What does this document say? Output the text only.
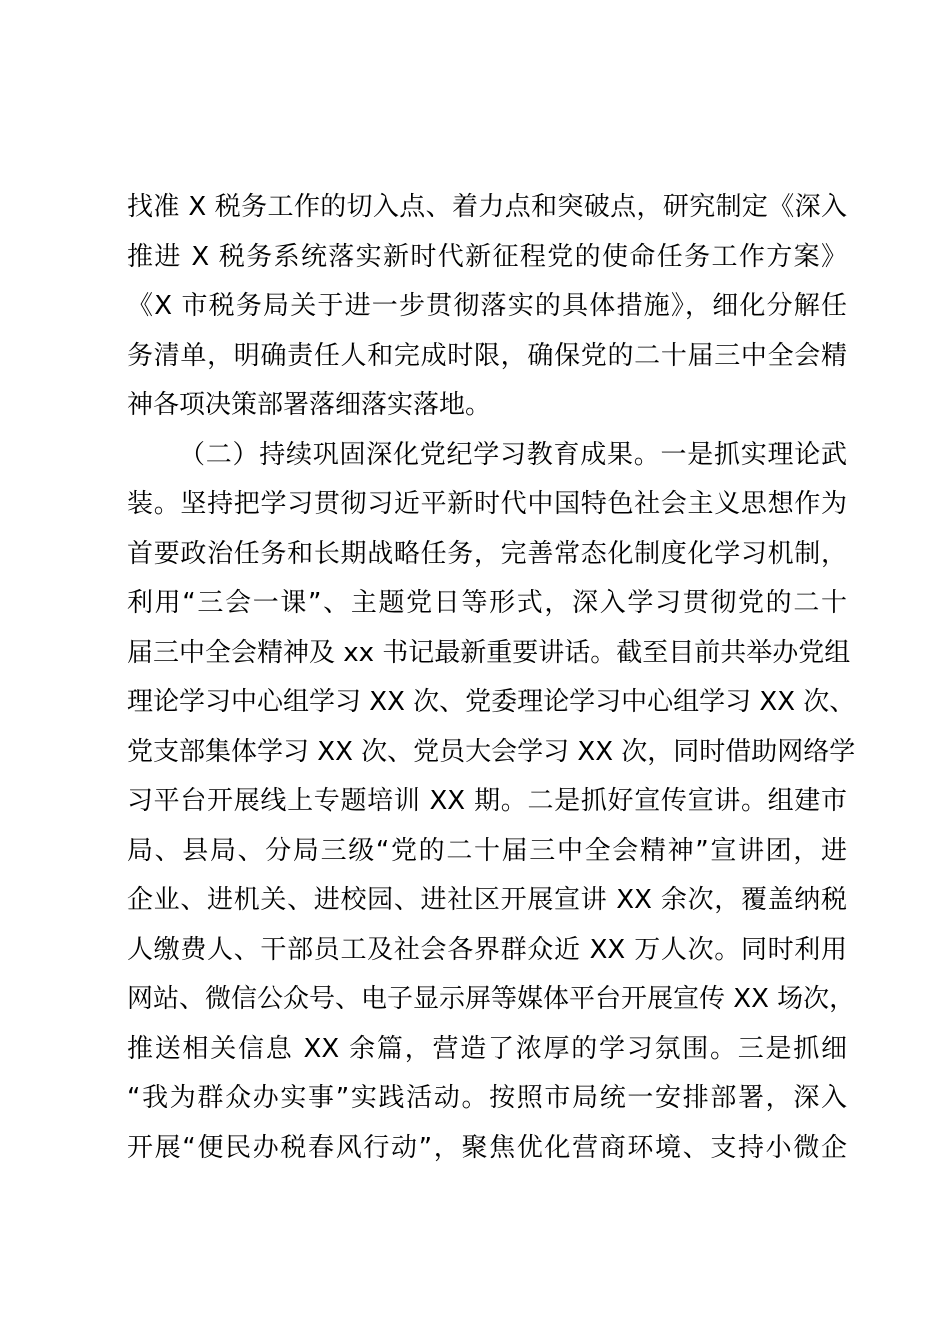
找准 X 税务工作的切入点、着力点和突破点，研究制定《深入
推进 X 税务系统落实新时代新征程党的使命任务工作方案》
《X 市税务局关于进一步贯彻落实的具体措施》，细化分解任
务清单，明确责任人和完成时限，确保党的二十届三中全会精
神各项决策部署落细落实落地。
（二）持续巩固深化党纪学习教育成果。一是抓实理论武
装。坚持把学习贯彻习近平新时代中国特色社会主义思想作为
首要政治任务和长期战略任务，完善常态化制度化学习机制，
利用“三会一课”、主题党日等形式，深入学习贯彻党的二十
届三中全会精神及 xx 书记最新重要讲话。截至目前共举办党组
理论学习中心组学习 XX 次、党委理论学习中心组学习 XX 次、
党支部集体学习 XX 次、党员大会学习 XX 次，同时借助网络学
习平台开展线上专题培训 XX 期。二是抓好宣传宣讲。组建市
局、县局、分局三级“党的二十届三中全会精神”宣讲团，进
企业、进机关、进校园、进社区开展宣讲 XX 余次，覆盖纳税
人缴费人、干部员工及社会各界群众近 XX 万人次。同时利用
网站、微信公众号、电子显示屏等媒体平台开展宣传 XX 场次，
推送相关信息 XX 余篇，营造了浓厚的学习氛围。三是抓细
“我为群众办实事”实践活动。按照市局统一安排部署，深入
开展“便民办税春风行动”，聚焦优化营商环境、支持小微企
